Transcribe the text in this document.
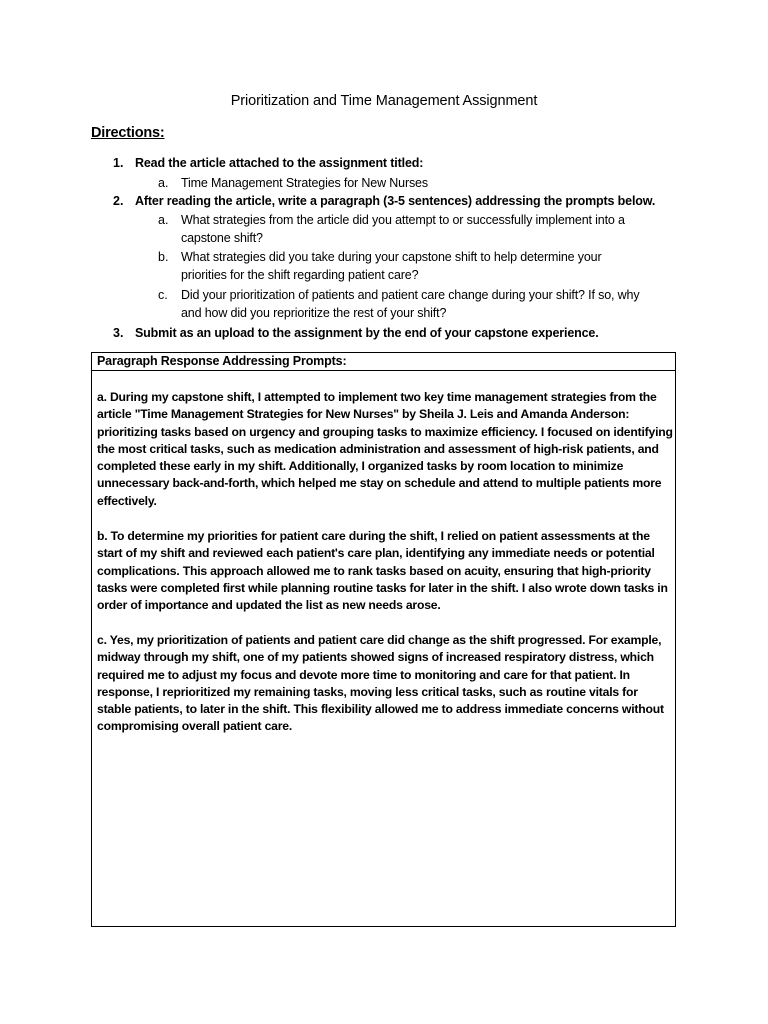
Prioritization and Time Management Assignment
Directions:
1. Read the article attached to the assignment titled:
a. Time Management Strategies for New Nurses
2. After reading the article, write a paragraph (3-5 sentences) addressing the prompts below.
a. What strategies from the article did you attempt to or successfully implement into a
capstone shift?
b. What strategies did you take during your capstone shift to help determine your
priorities for the shift regarding patient care?
c. Did your prioritization of patients and patient care change during your shift? If so, why
and how did you reprioritize the rest of your shift?
3. Submit as an upload to the assignment by the end of your capstone experience.
Paragraph Response Addressing Prompts:
a. During my capstone shift, I attempted to implement two key time management strategies from the article "Time Management Strategies for New Nurses" by Sheila J. Leis and Amanda Anderson: prioritizing tasks based on urgency and grouping tasks to maximize efficiency. I focused on identifying the most critical tasks, such as medication administration and assessment of high-risk patients, and completed these early in my shift. Additionally, I organized tasks by room location to minimize unnecessary back-and-forth, which helped me stay on schedule and attend to multiple patients more effectively.
b. To determine my priorities for patient care during the shift, I relied on patient assessments at the start of my shift and reviewed each patient's care plan, identifying any immediate needs or potential complications. This approach allowed me to rank tasks based on acuity, ensuring that high-priority tasks were completed first while planning routine tasks for later in the shift. I also wrote down tasks in order of importance and updated the list as new needs arose.
c. Yes, my prioritization of patients and patient care did change as the shift progressed. For example, midway through my shift, one of my patients showed signs of increased respiratory distress, which required me to adjust my focus and devote more time to monitoring and care for that patient. In response, I reprioritized my remaining tasks, moving less critical tasks, such as routine vitals for stable patients, to later in the shift. This flexibility allowed me to address immediate concerns without compromising overall patient care.
